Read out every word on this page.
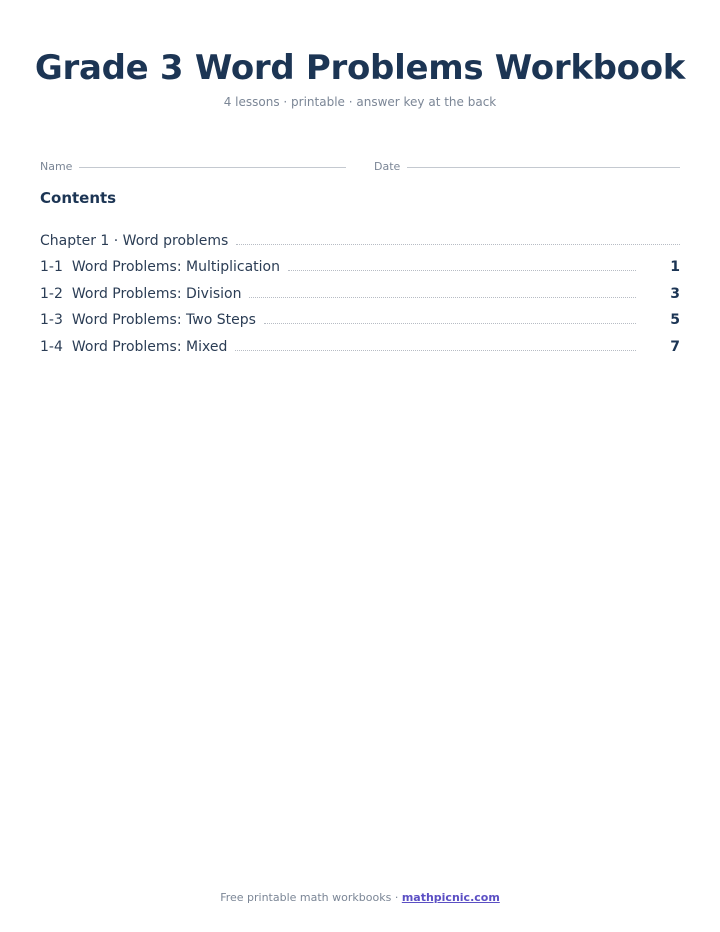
Grade 3 Word Problems Workbook
4 lessons · printable · answer key at the back
Name	Date
Contents
Chapter 1 · Word problems
1-1 Word Problems: Multiplication	1
1-2 Word Problems: Division	3
1-3 Word Problems: Two Steps	5
1-4 Word Problems: Mixed	7
Free printable math workbooks · mathpicnic.com
